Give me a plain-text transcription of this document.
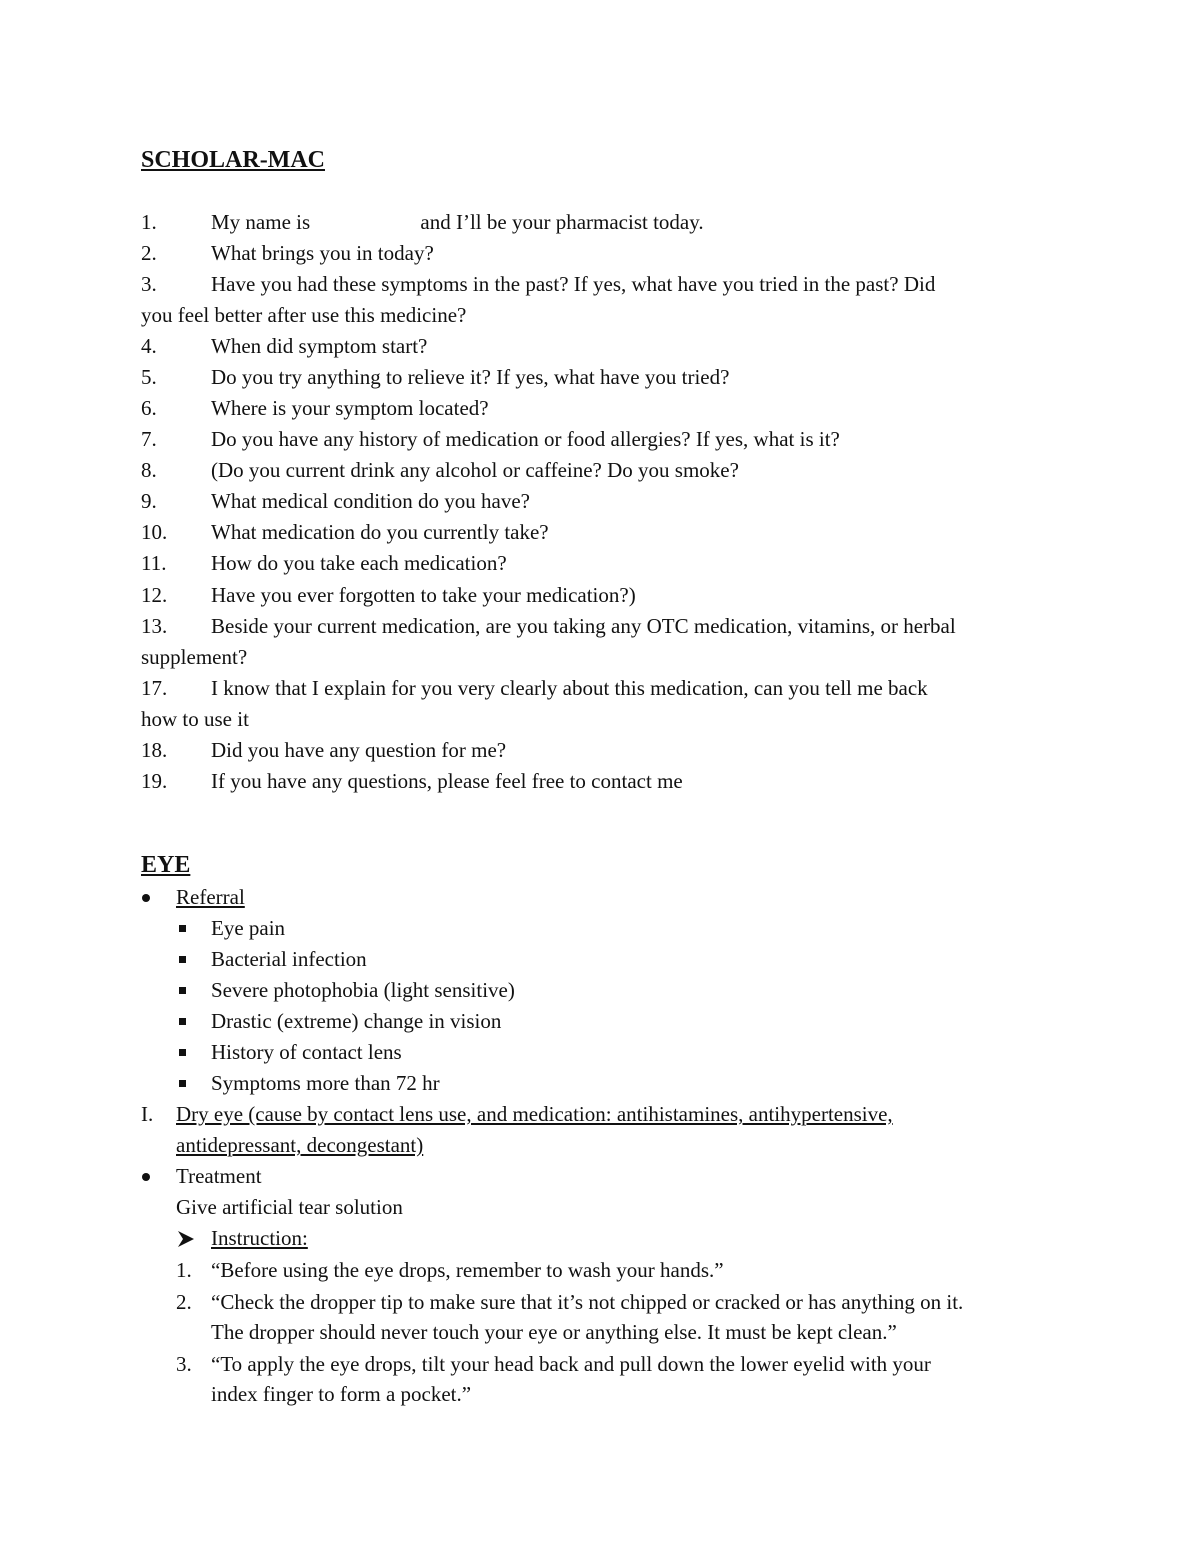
SCHOLAR-MAC
1.	My name is                     and I’ll be your pharmacist today.
2.	What brings you in today?
3.	Have you had these symptoms in the past? If yes, what have you tried in the past? Did
you feel better after use this medicine?
4.	When did symptom start?
5.	Do you try anything to relieve it? If yes, what have you tried?
6.	Where is your symptom located?
7.	Do you have any history of medication or food allergies? If yes, what is it?
8.	(Do you current drink any alcohol or caffeine? Do you smoke?
9.	What medical condition do you have?
10. What medication do you currently take?
11. How do you take each medication?
12. Have you ever forgotten to take your medication?)
13. Beside your current medication, are you taking any OTC medication, vitamins, or herbal
supplement?
17. I know that I explain for you very clearly about this medication, can you tell me back
how to use it
18. Did you have any question for me?
19. If you have any questions, please feel free to contact me
EYE
Referral
Eye pain
Bacterial infection
Severe photophobia (light sensitive)
Drastic (extreme) change in vision
History of contact lens
Symptoms more than 72 hr
I. Dry eye (cause by contact lens use, and medication: antihistamines, antihypertensive,
antidepressant, decongestant)
Treatment
Give artificial tear solution
Instruction:
1. “Before using the eye drops, remember to wash your hands.”
2. “Check the dropper tip to make sure that it’s not chipped or cracked or has anything on it.
The dropper should never touch your eye or anything else. It must be kept clean.”
3. “To apply the eye drops, tilt your head back and pull down the lower eyelid with your
index finger to form a pocket.”
